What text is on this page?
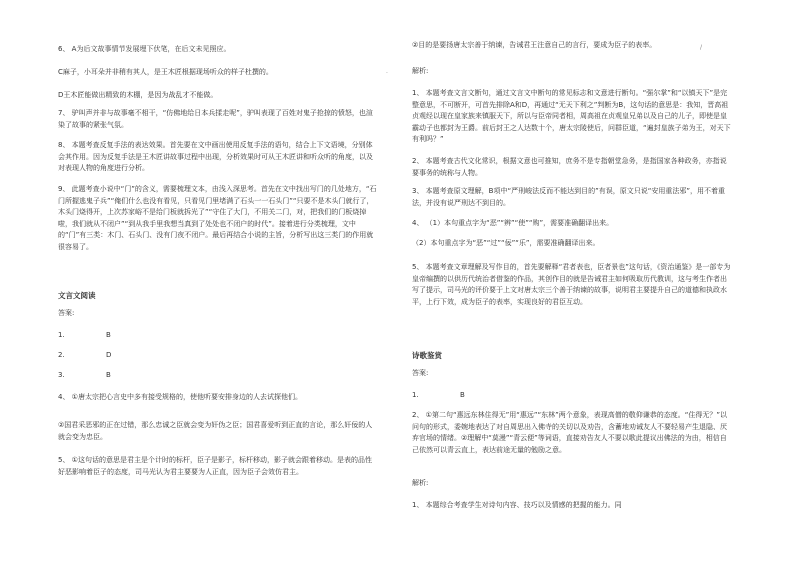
6、 A为后文故事情节发展埋下伏笔，在后文未见照应。

C麻子，小耳朵并非稍有其人，是王木匠根据现场听众的样子杜撰的。

D王木匠能做出精致的木棚，是因为战乱才不能做。

7、 驴叫声并非与故事毫不相干，“仿佛地给日本兵揉走呢”，驴叫表现了百姓对鬼子抢掠的愤怒，也渲染了故事的紧张气氛。

8、 本题考查反复手法的表达效果。首先要在文中画出使用反复手法的语句，结合上下文语境，分别体会其作用。因为反复手法是王木匠讲故事过程中出现，分析效果时可从王木匠讲和听众听的角度，以及对表现人物的角度进行分析。

9、 此题考查小说中“门”的含义，需要梳理文本，由浅入深思考。首先在文中找出写门的几处地方，“石门所握逃鬼子兵”“俺们什么也没有看见，只看见门里堵满了石头一一石头门”“只要不是木头门就行了，木头门烧得开，上次苏家峪不是给门板就拆光了”“守住了大门，不用关二门，对，把我们的门板烧掉啦，我们就从不闭户”“到从我手里我想当真到了处处也不闭户的时代”。接着进行分类梳理，文中的“门”有三类：木门、石头门、没有门夜不闭户。最后再结合小说的主旨，分析写出这三类门的作用就很容易了。

文言文阅读
答案:
1.	B
2.	D
3.	B

4、 ①唐太宗把心言史中多有接受规格的，使他听要安排身边的人去试探他们。

②国君采恶邪的正在过错，那么忠诚之臣就会变为奸伪之臣；国君喜爱听到正直的言论，那么奸佞的人就会变为忠臣。

5、 ①这句话的意思是君主是个计时的标杆，臣子是影子，标杆移动，影子就会跟着移动。是表的品性好恶影响着臣子的态度，司马光认为君主要要为人正直，因为臣子会效仿君主。

②目的是要扬唐太宗善于纳谏，告诫君王注意自己的言行，要成为臣子的表率。

解析:

1、 本题考查文言文断句，通过文言文中断句的常见标志和文意进行断句。“强尔掌”和“以镇天下”是完整意思，不可断开，可首先排除A和D，再通过“无天下利之”判断为B，这句话的意思是：我知，晋高祖贞观经以现在皇家族来镇服天下，所以与臣帝同者相，周高祖在贞观皇兄弟以及自己的儿子，即使是皇霸动子也都封为王爵。前后封王之人达数十个，唐太宗陵使后，问群臣道，“遍封皇族子弟为王，对天下有利吗？”

2、 本题考查古代文化常识，根据文意也可推知，庶务不是专指朝堂急务，是指国家各种政务，亦指说要事务的统称与人物。

3、 本题考查原文理解，B项中“严刑峻法反而不能达到目的”有误，原文只说“安用重法邪”，用不着重法，并没有说严刑达不到目的。

4、 （1）本句重点字为“恶”“辨”“使”“购”，需要准确翻译出来。

（2）本句重点字为“恶”“过”“佞”“乐”，需要准确翻译出来。

5、 本题考查文章理解及写作目的，首先要解释“君者表也，臣者景也”这句话，《资治通鉴》是一部专为皇帝编撰的以供历代统治者借鉴的作品，其创作目的就是告诫君主如何吸取历代教训，这与考生作者出写了提示，司马光的评价要于上文对唐太宗三个善于纳谏的故事，说明君主要提升自己的道德和执政水平，上行下效，成为臣子的表率，实现良好的君臣互动。

诗歌鉴赏
答案:
1.	B

2、 ①第二句“惠远东林住得无”用“惠远”“东林”两个意象，表现高僧的敬仰谦恭的态度。“住得无？”以问句的形式，委婉地表达了对自周思出入佛寺的关切以及劝告，含蓄地劝诫友人不要轻易产生退隐、厌弃官场的情绪。②理解中“莫漫”“青云便”等词语，直接劝告友人不要以歌此提议出佛法的为由，相信自己依然可以青云直上，表达前途无量的勉励之意。

解析:

1、 本题综合考查学生对诗句内容、技巧以及情感的把握的能力。同

·
/
